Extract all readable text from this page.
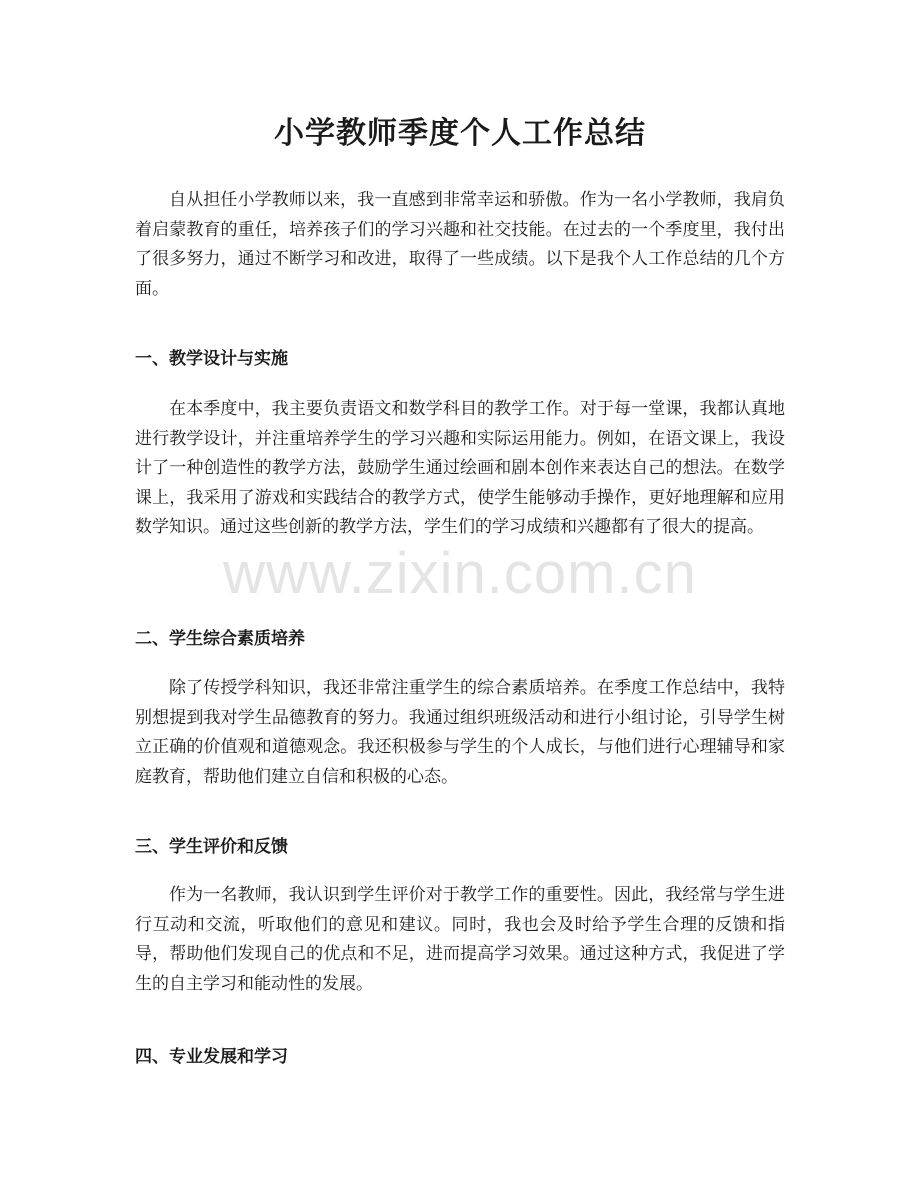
小学教师季度个人工作总结

自从担任小学教师以来，我一直感到非常幸运和骄傲。作为一名小学教师，我肩负着启蒙教育的重任，培养孩子们的学习兴趣和社交技能。在过去的一个季度里，我付出了很多努力，通过不断学习和改进，取得了一些成绩。以下是我个人工作总结的几个方面。

一、教学设计与实施

在本季度中，我主要负责语文和数学科目的教学工作。对于每一堂课，我都认真地进行教学设计，并注重培养学生的学习兴趣和实际运用能力。例如，在语文课上，我设计了一种创造性的教学方法，鼓励学生通过绘画和剧本创作来表达自己的想法。在数学课上，我采用了游戏和实践结合的教学方式，使学生能够动手操作，更好地理解和应用数学知识。通过这些创新的教学方法，学生们的学习成绩和兴趣都有了很大的提高。

二、学生综合素质培养

除了传授学科知识，我还非常注重学生的综合素质培养。在季度工作总结中，我特别想提到我对学生品德教育的努力。我通过组织班级活动和进行小组讨论，引导学生树立正确的价值观和道德观念。我还积极参与学生的个人成长，与他们进行心理辅导和家庭教育，帮助他们建立自信和积极的心态。

三、学生评价和反馈

作为一名教师，我认识到学生评价对于教学工作的重要性。因此，我经常与学生进行互动和交流，听取他们的意见和建议。同时，我也会及时给予学生合理的反馈和指导，帮助他们发现自己的优点和不足，进而提高学习效果。通过这种方式，我促进了学生的自主学习和能动性的发展。

四、专业发展和学习
www.zixin.com.cn
